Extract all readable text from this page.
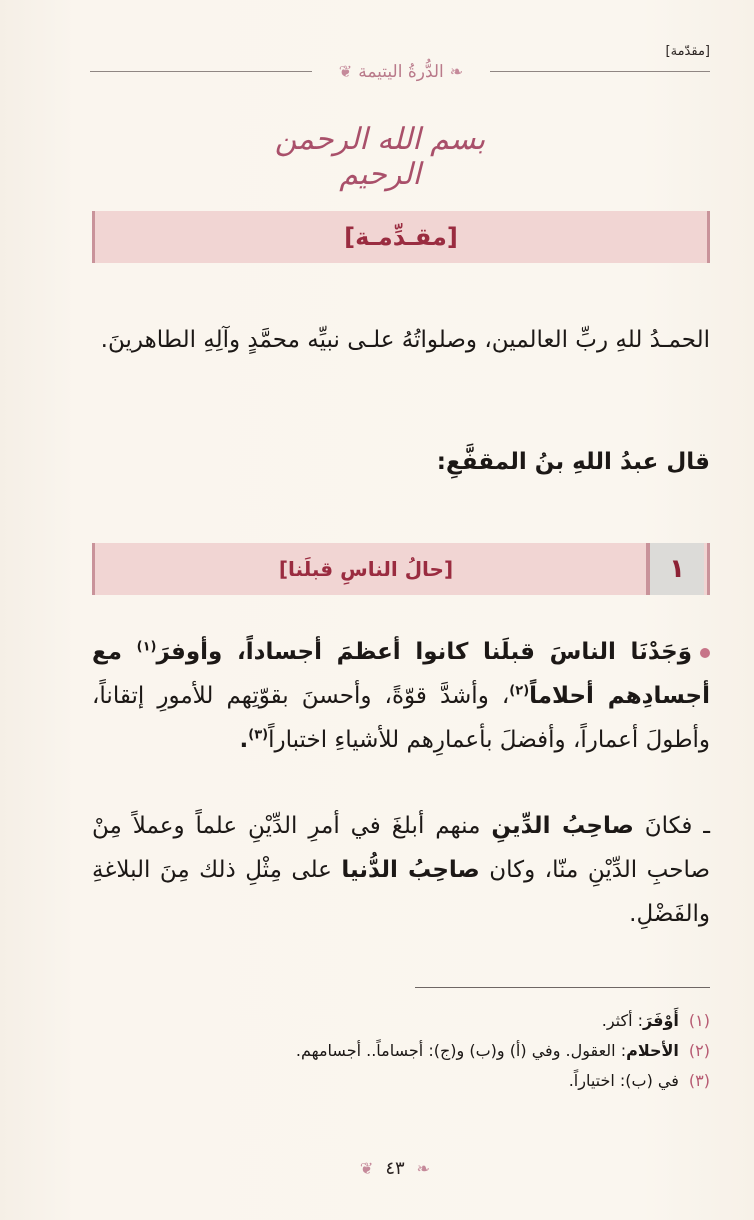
[مقدّمة]
❧
الدُّرةُ اليتيمة
❦
بسم الله الرحمن الرحيم
[مقـدِّمـة]
الحمـدُ للهِ ربِّ العالمين، وصلواتُهُ علـى نبيِّه محمَّدٍ وآلِهِ الطاهرينَ.
قال عبدُ اللهِ بنُ المقفَّعِ:
١
[حالُ الناسِ قبلَنا]
وَجَدْنَا الناسَ قبلَنا كانوا أعظمَ أجساداً، وأوفرَ$^{(١)}$ مع أجسادِهم أحلاماً$^{(٢)}$، وأشدَّ قوّةً، وأحسنَ بقوّتِهم للأمورِ إتقاناً، وأطولَ أعماراً، وأفضلَ بأعمارِهم للأشياءِ اختباراً$^{(٣)}$.
ـ فكانَ صاحِبُ الدِّينِ منهم أبلغَ في أمرِ الدِّيْنِ علماً وعملاً مِنْ صاحبِ الدِّيْنِ منّا، وكان صاحِبُ الدُّنيا على مِثْلِ ذلك مِنَ البلاغةِ والفَضْلِ.
(١)أَوْفَرَ: أكثر.
(٢)الأحلام: العقول. وفي (أ) و(ب) و(ج): أجساماً.. أجسامهم.
(٣)في (ب): اختياراً.
❧
٤٣
❦
